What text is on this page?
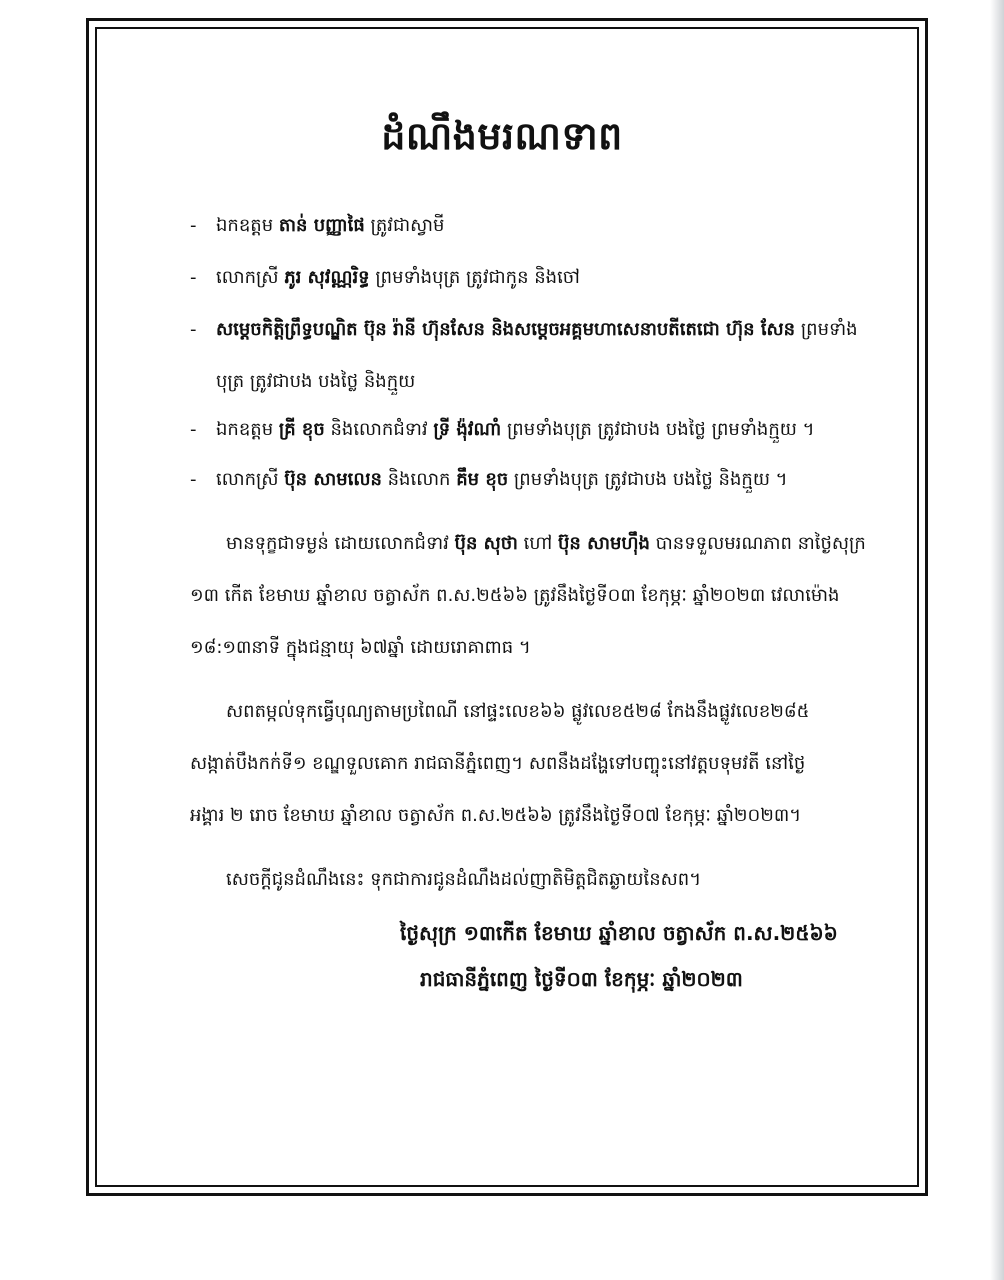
ដំណឹងមរណទាព

- ឯកឧត្តម តាន់ បញ្ញាផៃ ត្រូវជាស្វាមី

- លោកស្រី ភូរ សុវណ្ណរិទ្ធ ព្រមទាំងបុត្រ ត្រូវជាកូន និងចៅ

- សម្ដេចកិត្តិព្រឹទ្ធបណ្ឌិត ប៊ុន រ៉ានី ហ៊ុនសែន និងសម្ដេចអគ្គមហាសេនាបតីតេជោ ហ៊ុន សែន ព្រមទាំង

បុត្រ ត្រូវជាបង បងថ្លៃ និងក្មួយ

- ឯកឧត្តម គ្រី ខុច និងលោកជំទាវ ទ្រី ង៉ុវណាំ ព្រមទាំងបុត្រ ត្រូវជាបង បងថ្លៃ ព្រមទាំងក្មួយ ។

- លោកស្រី ប៊ុន សាមលេន និងលោក គឹម ខុច ព្រមទាំងបុត្រ ត្រូវជាបង បងថ្លៃ និងក្មួយ ។

មានទុក្ខជាទម្ងន់ ដោយលោកជំទាវ ប៊ុន សុថា ហៅ ប៊ុន សាមហ៊ឹង បានទទួលមរណភាព នាថ្ងៃសុក្រ

១៣ កើត ខែមាឃ ឆ្នាំខាល ចត្វាស័ក ព.ស.២៥៦៦ ត្រូវនឹងថ្ងៃទី០៣ ខែកុម្ភៈ ឆ្នាំ២០២៣ វេលាម៉ោង

១៨:១៣នាទី ក្នុងជន្មាយុ ៦៧ឆ្នាំ ដោយរោគាពាធ ។

សពតម្កល់ទុកធ្វើបុណ្យតាមប្រពៃណី នៅផ្ទះលេខ៦៦ ផ្លូវលេខ៥២៨ កែងនឹងផ្លូវលេខ២៨៥

សង្កាត់បឹងកក់ទី១ ខណ្ឌទួលគោក រាជធានីភ្នំពេញ។ សពនឹងដង្ហែទៅបញ្ចុះនៅវត្តបទុមវតី នៅថ្ងៃ

អង្គារ ២ រោច ខែមាឃ ឆ្នាំខាល ចត្វាស័ក ព.ស.២៥៦៦ ត្រូវនឹងថ្ងៃទី០៧ ខែកុម្ភៈ ឆ្នាំ២០២៣។

សេចក្ដីជូនដំណឹងនេះ ទុកជាការជូនដំណឹងដល់ញាតិមិត្តជិតឆ្ងាយនៃសព។

ថ្ងៃសុក្រ ១៣កើត ខែមាឃ ឆ្នាំខាល ចត្វាស័ក ព.ស.២៥៦៦
រាជធានីភ្នំពេញ ថ្ងៃទី០៣ ខែកុម្ភៈ ឆ្នាំ២០២៣
